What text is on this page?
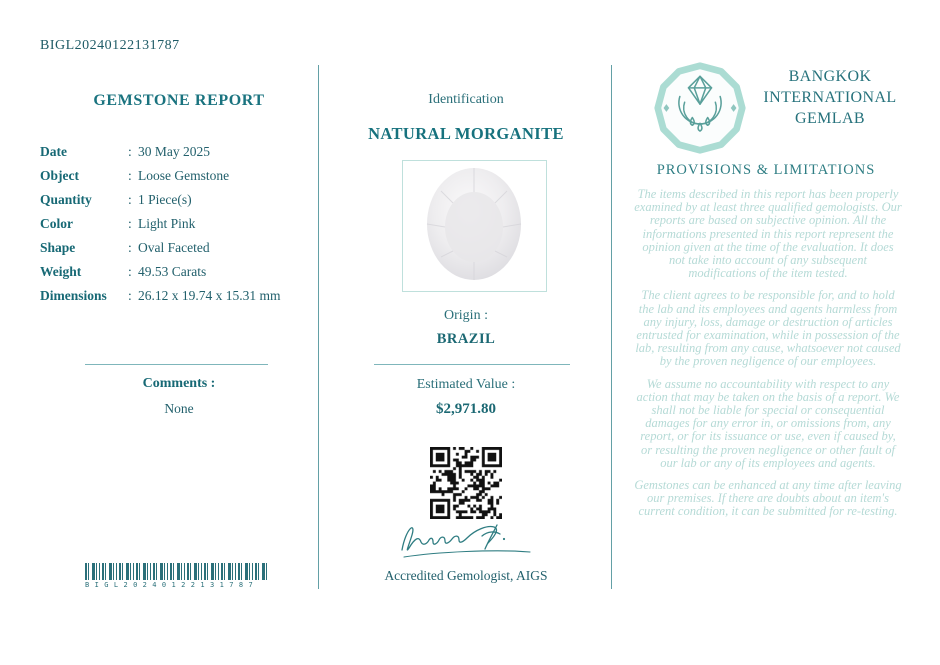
BIGL20240122131787
GEMSTONE REPORT
Date	: 30 May 2025
Object	: Loose Gemstone
Quantity	: 1 Piece(s)
Color	: Light Pink
Shape	: Oval Faceted
Weight	: 49.53 Carats
Dimensions	: 26.12 x 19.74 x 15.31 mm
Comments :
None
BIGL20240122131787
Identification
NATURAL MORGANITE
Origin :
BRAZIL
Estimated Value :
$2,971.80
Accredited Gemologist, AIGS
BANGKOK
INTERNATIONAL
GEMLAB
PROVISIONS & LIMITATIONS

The items described in this report has been properly examined by at least three qualified gemologists. Our reports are based on subjective opinion. All the informations presented in this report represent the opinion given at the time of the evaluation. It does not take into account of any subsequent modifications of the item tested.

The client agrees to be responsible for, and to hold the lab and its employees and agents harmless from any injury, loss, damage or destruction of articles entrusted for examination, while in possession of the lab, resulting from any cause, whatsoever not caused by the proven negligence of our employees.

We assume no accountability with respect to any action that may be taken on the basis of a report. We shall not be liable for special or consequential damages for any error in, or omissions from, any report, or for its issuance or use, even if caused by, or resulting the proven negligence or other fault of our lab or any of its employees and agents.

Gemstones can be enhanced at any time after leaving our premises. If there are doubts about an item's current condition, it can be submitted for re-testing.
